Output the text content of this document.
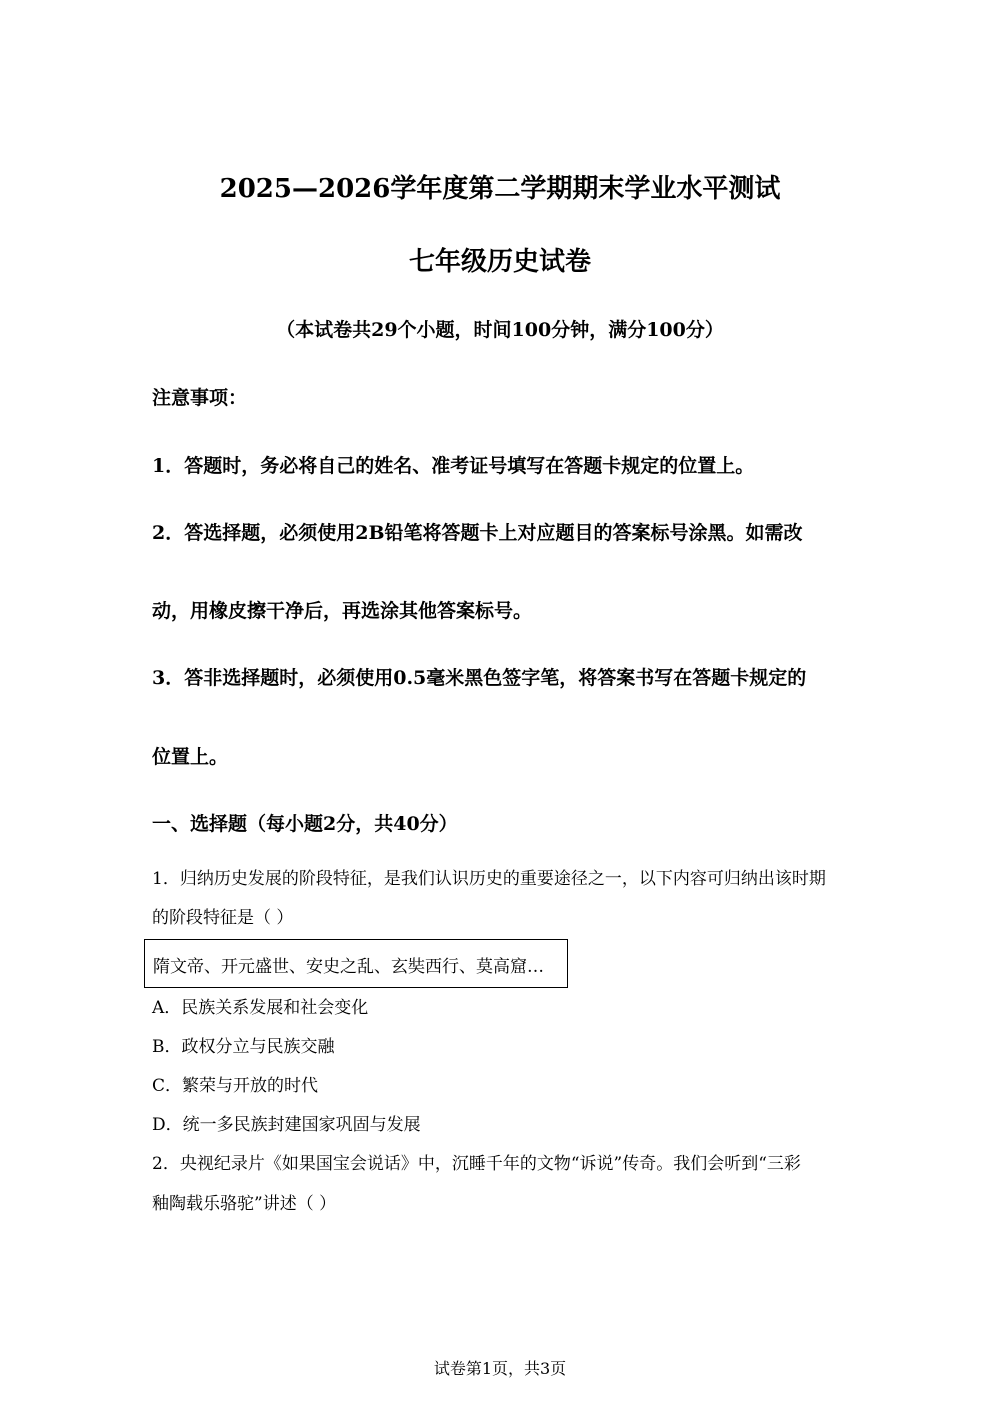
2025—2026学年度第二学期期末学业水平测试
七年级历史试卷
（本试卷共29个小题，时间100分钟，满分100分）
注意事项：
1．答题时，务必将自己的姓名、准考证号填写在答题卡规定的位置上。
2．答选择题，必须使用2B铅笔将答题卡上对应题目的答案标号涂黑。如需改
动，用橡皮擦干净后，再选涂其他答案标号。
3．答非选择题时，必须使用0.5毫米黑色签字笔，将答案书写在答题卡规定的
位置上。
一、选择题（每小题2分，共40分）
1．归纳历史发展的阶段特征，是我们认识历史的重要途径之一，以下内容可归纳出该时期
的阶段特征是（ ）
隋文帝、开元盛世、安史之乱、玄奘西行、莫高窟…
A．民族关系发展和社会变化
B．政权分立与民族交融
C．繁荣与开放的时代
D．统一多民族封建国家巩固与发展
2．央视纪录片《如果国宝会说话》中，沉睡千年的文物“诉说”传奇。我们会听到“三彩
釉陶载乐骆驼”讲述（ ）
试卷第1页，共3页
